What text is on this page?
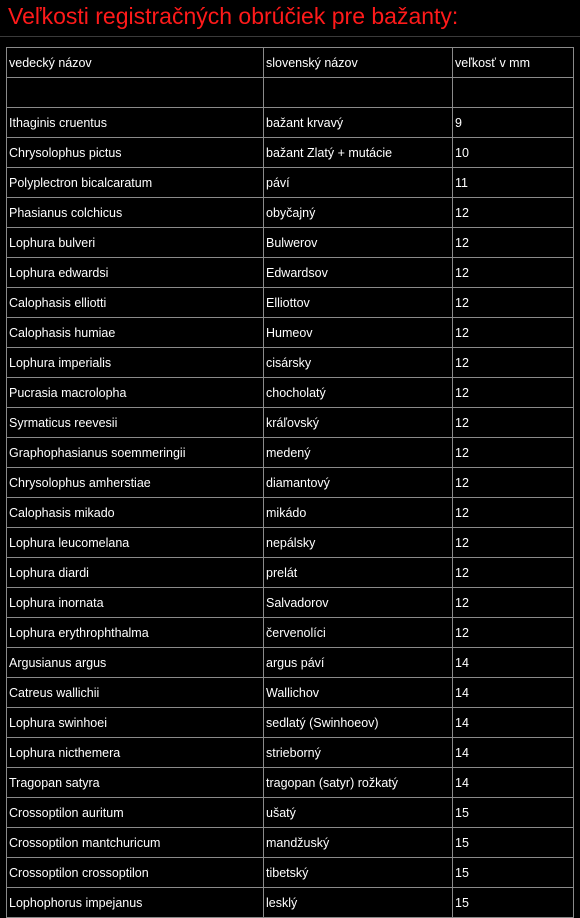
Veľkosti registračných obrúčiek pre bažanty:
vedecký názov	slovenský názov	veľkosť v mm

Ithaginis cruentus	bažant krvavý	9
Chrysolophus pictus	bažant Zlatý + mutácie	10
Polyplectron bicalcaratum	páví	11
Phasianus colchicus	obyčajný	12
Lophura bulveri	Bulwerov	12
Lophura edwardsi	Edwardsov	12
Calophasis elliotti	Elliottov	12
Calophasis humiae	Humeov	12
Lophura imperialis	cisársky	12
Pucrasia macrolopha	chocholatý	12
Syrmaticus reevesii	kráľovský	12
Graphophasianus soemmeringii	medený	12
Chrysolophus amherstiae	diamantový	12
Calophasis mikado	mikádo	12
Lophura leucomelana	nepálsky	12
Lophura diardi	prelát	12
Lophura inornata	Salvadorov	12
Lophura erythrophthalma	červenolíci	12
Argusianus argus	argus páví	14
Catreus wallichii	Wallichov	14
Lophura swinhoei	sedlatý (Swinhoeov)	14
Lophura nicthemera	strieborný	14
Tragopan satyra	tragopan (satyr) rožkatý	14
Crossoptilon auritum	ušatý	15
Crossoptilon mantchuricum	mandžuský	15
Crossoptilon crossoptilon	tibetský	15
Lophophorus impejanus	lesklý	15
